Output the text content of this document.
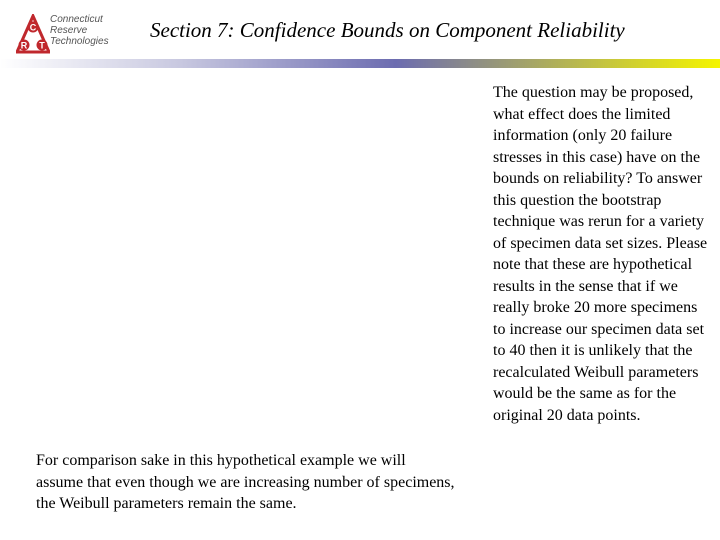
C
R T
Connecticut
Reserve
Technologies Section 7: Confidence Bounds on Component Reliability
For comparison sake in this hypothetical example we will assume that even though we are increasing number of specimens, the Weibull parameters remain the same.
The question may be proposed, what effect does the limited information (only 20 failure stresses in this case) have on the bounds on reliability? To answer this question the bootstrap technique was rerun for a variety of specimen data set sizes. Please note that these are hypothetical results in the sense that if we really broke 20 more specimens to increase our specimen data set to 40 then it is unlikely that the recalculated Weibull parameters would be the same as for the original 20 data points.
